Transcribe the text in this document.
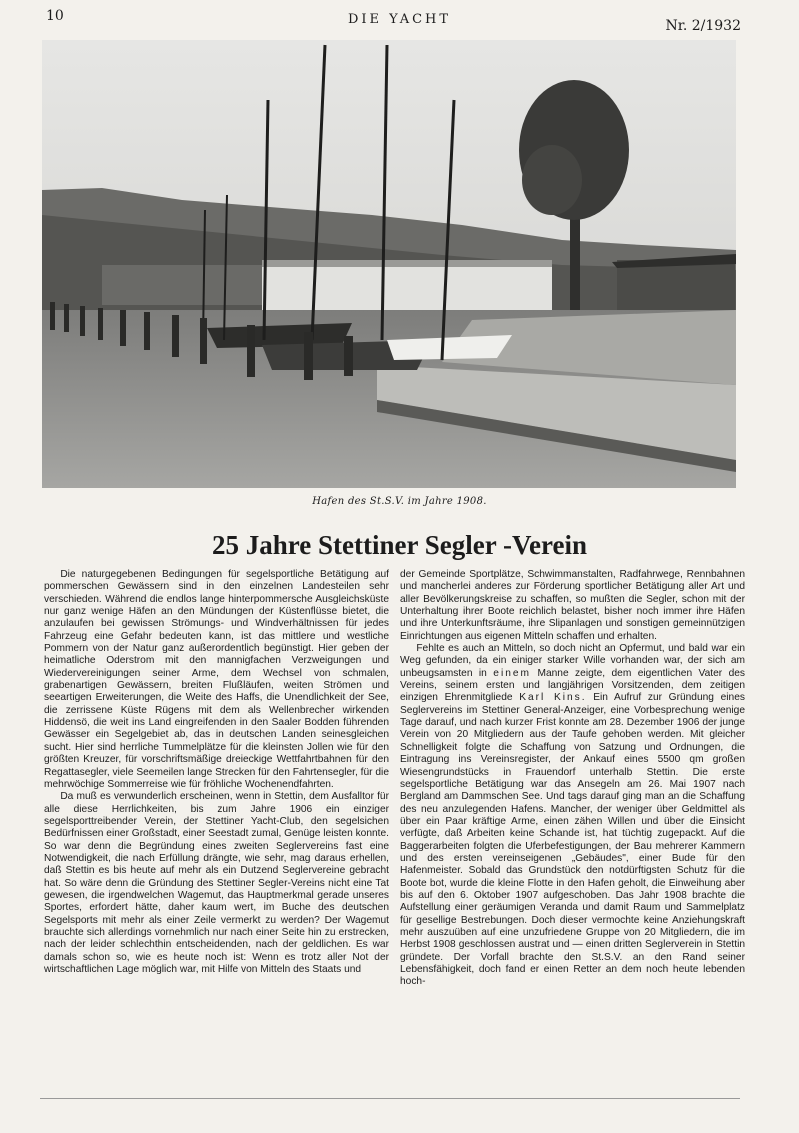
10	DIE YACHT	Nr. 2/1932
Hafen des St.S.V. im Jahre 1908.
25 Jahre Stettiner Segler -Verein

Die naturgegebenen Bedingungen für segelsportliche Betätigung auf pommerschen Gewässern sind in den einzelnen Landesteilen sehr verschieden. Während die endlos lange hinterpommersche Ausgleichsküste nur ganz wenige Häfen an den Mündungen der Küstenflüsse bietet, die anzulaufen bei gewissen Strömungs- und Windverhältnissen für jedes Fahrzeug eine Gefahr bedeuten kann, ist das mittlere und westliche Pommern von der Natur ganz außerordentlich begünstigt. Hier geben der heimatliche Oderstrom mit den mannigfachen Verzweigungen und Wiedervereinigungen seiner Arme, dem Wechsel von schmalen, grabenartigen Gewässern, breiten Flußläufen, weiten Strömen und seeartigen Erweiterungen, die Weite des Haffs, die Unendlichkeit der See, die zerrissene Küste Rügens mit dem als Wellenbrecher wirkenden Hiddensö, die weit ins Land eingreifenden in den Saaler Bodden führenden Gewässer ein Segelgebiet ab, das in deutschen Landen seinesgleichen sucht. Hier sind herrliche Tummelplätze für die kleinsten Jollen wie für den größten Kreuzer, für vorschriftsmäßige dreieckige Wettfahrtbahnen für den Regattasegler, viele Seemeilen lange Strecken für den Fahrtensegler, für die mehrwöchige Sommerreise wie für fröhliche Wochenendfahrten.

Da muß es verwunderlich erscheinen, wenn in Stettin, dem Ausfalltor für alle diese Herrlichkeiten, bis zum Jahre 1906 ein einziger segelsporttreibender Verein, der Stettiner Yacht-Club, den segelsichen Bedürfnissen einer Großstadt, einer Seestadt zumal, Genüge leisten konnte. So war denn die Begründung eines zweiten Seglervereins fast eine Notwendigkeit, die nach Erfüllung drängte, wie sehr, mag daraus erhellen, daß Stettin es bis heute auf mehr als ein Dutzend Seglervereine gebracht hat. So wäre denn die Gründung des Stettiner Segler-Vereins nicht eine Tat gewesen, die irgendwelchen Wagemut, das Hauptmerkmal gerade unseres Sportes, erfordert hätte, daher kaum wert, im Buche des deutschen Segelsports mit mehr als einer Zeile vermerkt zu werden? Der Wagemut brauchte sich allerdings vornehmlich nur nach einer Seite hin zu erstrecken, nach der leider schlechthin entscheidenden, nach der geldlichen. Es war damals schon so, wie es heute noch ist: Wenn es trotz aller Not der wirtschaftlichen Lage möglich war, mit Hilfe von Mitteln des Staats und

der Gemeinde Sportplätze, Schwimmanstalten, Radfahrwege, Rennbahnen und mancherlei anderes zur Förderung sportlicher Betätigung aller Art und aller Bevölkerungskreise zu schaffen, so mußten die Segler, schon mit der Unterhaltung ihrer Boote reichlich belastet, bisher noch immer ihre Häfen und ihre Unterkunftsräume, ihre Slipanlagen und sonstigen gemeinnützigen Einrichtungen aus eigenen Mitteln schaffen und erhalten.

Fehlte es auch an Mitteln, so doch nicht an Opfermut, und bald war ein Weg gefunden, da ein einiger starker Wille vorhanden war, der sich am unbeugsamsten in einem Manne zeigte, dem eigentlichen Vater des Vereins, seinem ersten und langjährigen Vorsitzenden, dem zeitigen einzigen Ehrenmitgliede Karl Kins. Ein Aufruf zur Gründung eines Seglervereins im Stettiner General-Anzeiger, eine Vorbesprechung wenige Tage darauf, und nach kurzer Frist konnte am 28. Dezember 1906 der junge Verein von 20 Mitgliedern aus der Taufe gehoben werden. Mit gleicher Schnelligkeit folgte die Schaffung von Satzung und Ordnungen, die Eintragung ins Vereinsregister, der Ankauf eines 5500 qm großen Wiesengrundstücks in Frauendorf unterhalb Stettin. Die erste segelsportliche Betätigung war das Ansegeln am 26. Mai 1907 nach Bergland am Dammschen See. Und tags darauf ging man an die Schaffung des neu anzulegenden Hafens. Mancher, der weniger über Geldmittel als über ein Paar kräftige Arme, einen zähen Willen und über die Einsicht verfügte, daß Arbeiten keine Schande ist, hat tüchtig zugepackt. Auf die Baggerarbeiten folgten die Uferbefestigungen, der Bau mehrerer Kammern und des ersten vereinseigenen „Gebäudes", einer Bude für den Hafenmeister. Sobald das Grundstück den notdürftigsten Schutz für die Boote bot, wurde die kleine Flotte in den Hafen geholt, die Einweihung aber bis auf den 6. Oktober 1907 aufgeschoben. Das Jahr 1908 brachte die Aufstellung einer geräumigen Veranda und damit Raum und Sammelplatz für gesellige Bestrebungen. Doch dieser vermochte keine Anziehungskraft mehr auszuüben auf eine unzufriedene Gruppe von 20 Mitgliedern, die im Herbst 1908 geschlossen austrat und — einen dritten Seglerverein in Stettin gründete. Der Vorfall brachte den St.S.V. an den Rand seiner Lebensfähigkeit, doch fand er einen Retter an dem noch heute lebenden hoch-
